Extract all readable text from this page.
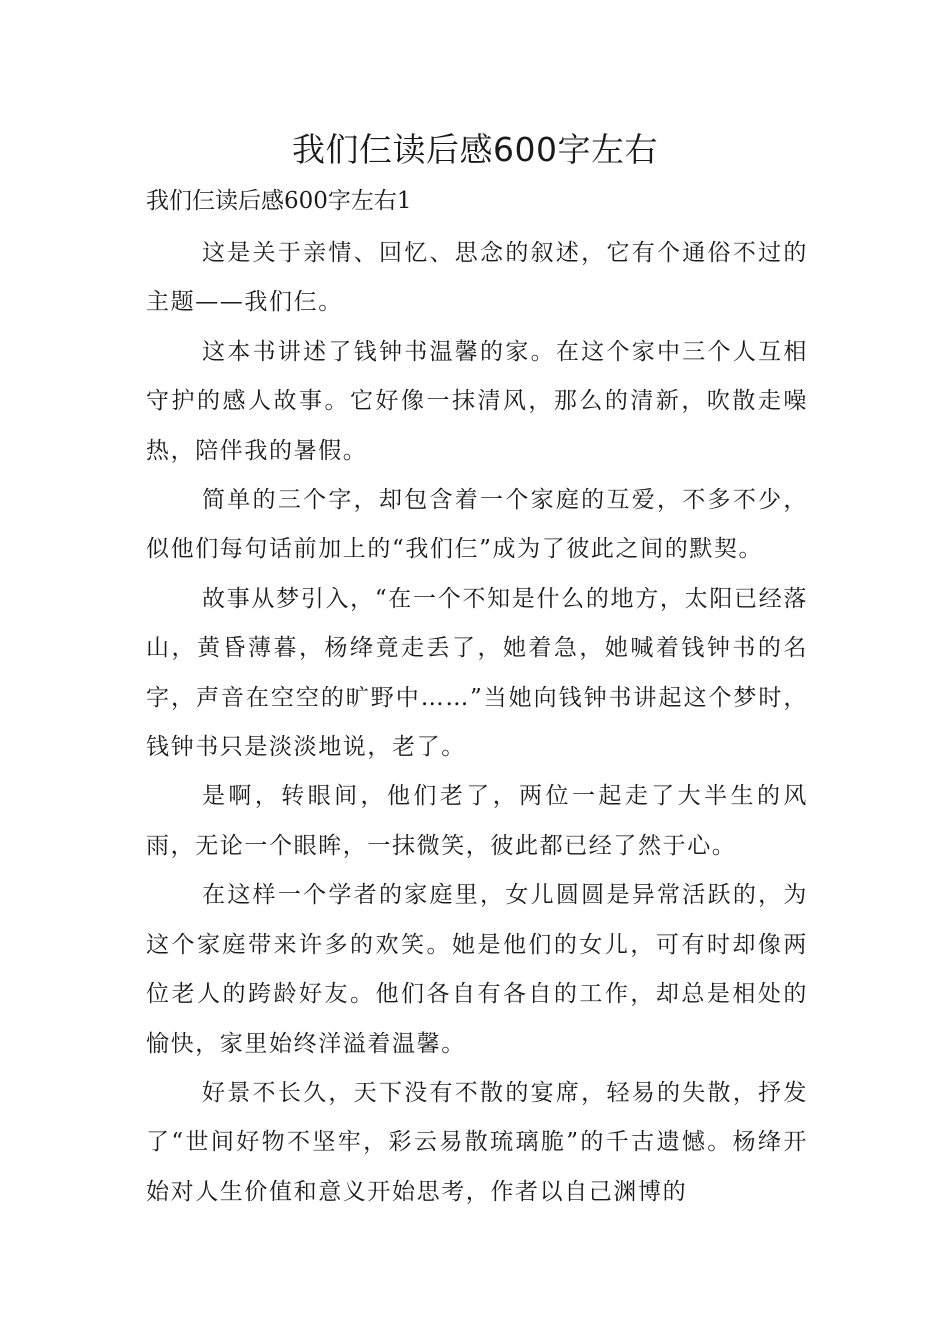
我们仨读后感600字左右

我们仨读后感600字左右1

这是关于亲情、回忆、思念的叙述，它有个通俗不过的主题——我们仨。

这本书讲述了钱钟书温馨的家。在这个家中三个人互相守护的感人故事。它好像一抹清风，那么的清新，吹散走噪热，陪伴我的暑假。

简单的三个字，却包含着一个家庭的互爱，不多不少，似他们每句话前加上的“我们仨”成为了彼此之间的默契。

故事从梦引入，“在一个不知是什么的地方，太阳已经落山，黄昏薄暮，杨绛竟走丢了，她着急，她喊着钱钟书的名字，声音在空空的旷野中……”当她向钱钟书讲起这个梦时，钱钟书只是淡淡地说，老了。

是啊，转眼间，他们老了，两位一起走了大半生的风雨，无论一个眼眸，一抹微笑，彼此都已经了然于心。

在这样一个学者的家庭里，女儿圆圆是异常活跃的，为这个家庭带来许多的欢笑。她是他们的女儿，可有时却像两位老人的跨龄好友。他们各自有各自的工作，却总是相处的愉快，家里始终洋溢着温馨。

好景不长久，天下没有不散的宴席，轻易的失散，抒发了“世间好物不坚牢，彩云易散琉璃脆”的千古遗憾。杨绛开始对人生价值和意义开始思考，作者以自己渊博的
